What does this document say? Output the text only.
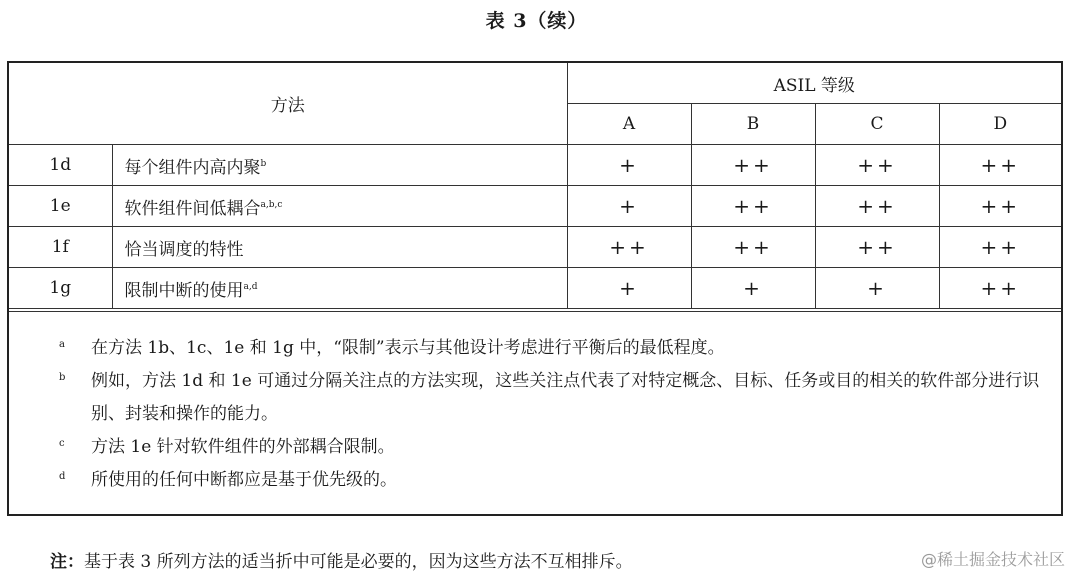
表 3（续）
方法		ASIL 等级			
		A	B	C	D
1d	每个组件内高内聚$^b$	+	++	++	++
1e	软件组件间低耦合$^{a,b,c}$	+	++	++	++
1f	恰当调度的特性	++	++	++	++
1g	限制中断的使用$^{a,d}$	+	+	+	++
a 在方法 1b、1c、1e 和 1g 中，“限制”表示与其他设计考虑进行平衡后的最低程度。
b 例如，方法 1d 和 1e 可通过分隔关注点的方法实现，这些关注点代表了对特定概念、目标、任务或目的相关的软件部分进行识别、封装和操作的能力。
c 方法 1e 针对软件组件的外部耦合限制。
d 所使用的任何中断都应是基于优先级的。
注：基于表 3 所列方法的适当折中可能是必要的，因为这些方法不互相排斥。	@稀土掘金技术社区
